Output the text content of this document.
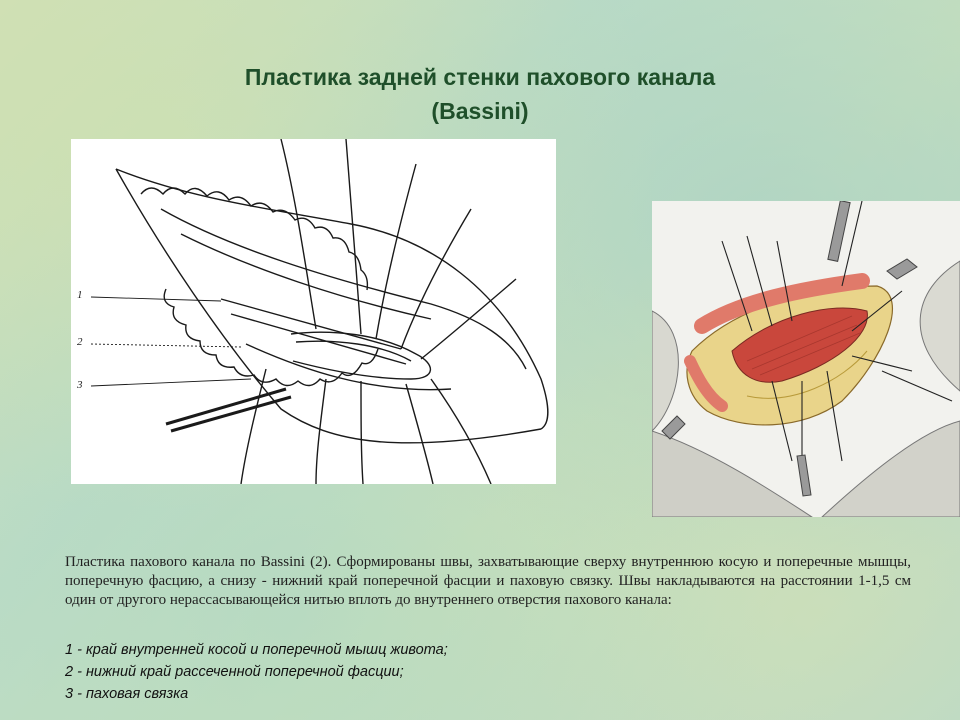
Пластика задней стенки пахового канала
(Bassini)
1
2
3

Пластика пахового канала по Bassini (2). Сформированы швы, захватывающие сверху внутреннюю косую и поперечные мышцы, поперечную фасцию, а снизу - нижний край поперечной фасции и паховую связку. Швы накладываются на расстоянии 1-1,5 см один от другого нерассасывающейся нитью вплоть до внутреннего отверстия пахового канала:

1 - край внутренней косой и поперечной мышц живота;
2 - нижний край рассеченной поперечной фасции;
3 - паховая связка
